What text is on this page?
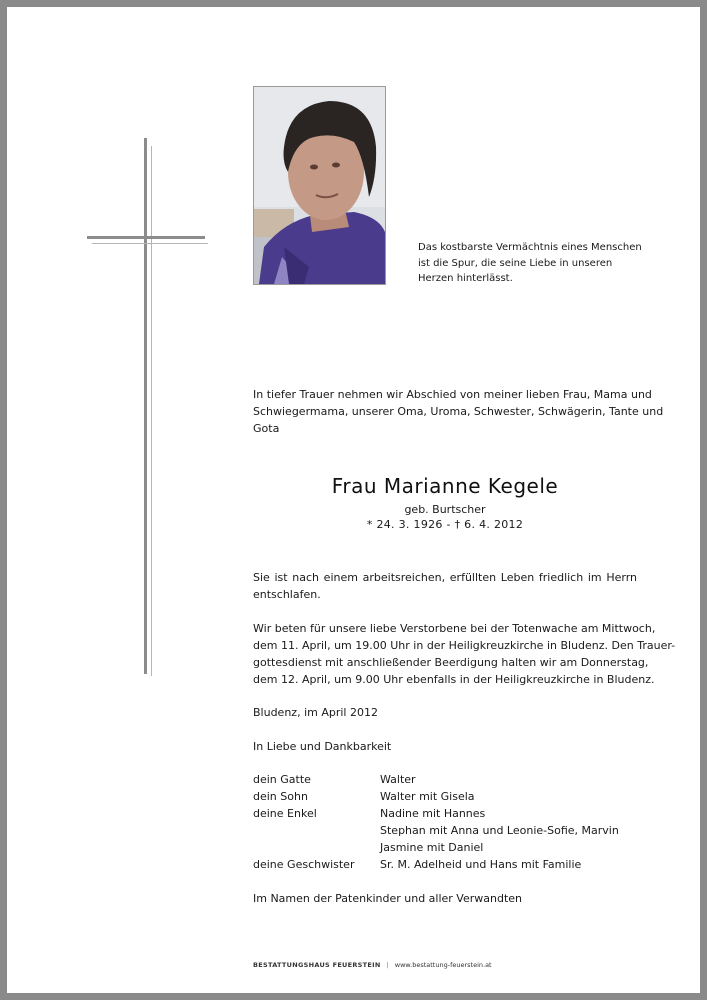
Das kostbarste Vermächtnis eines Menschen
ist die Spur, die seine Liebe in unseren
Herzen hinterlässt.
In tiefer Trauer nehmen wir Abschied von meiner lieben Frau, Mama und
Schwiegermama, unserer Oma, Uroma, Schwester, Schwägerin, Tante und
Gota
Frau Marianne Kegele
geb. Burtscher
* 24. 3. 1926 - † 6. 4. 2012
Sie ist nach einem arbeitsreichen, erfüllten Leben friedlich im Herrn
entschlafen.
Wir beten für unsere liebe Verstorbene bei der Totenwache am Mittwoch,
dem 11. April, um 19.00 Uhr in der Heiligkreuzkirche in Bludenz. Den Trauer-
gottesdienst mit anschließender Beerdigung halten wir am Donnerstag,
dem 12. April, um 9.00 Uhr ebenfalls in der Heiligkreuzkirche in Bludenz.
Bludenz, im April 2012
In Liebe und Dankbarkeit
dein Gatte	Walter
dein Sohn	Walter mit Gisela
deine Enkel	Nadine mit Hannes
Stephan mit Anna und Leonie-Sofie, Marvin
Jasmine mit Daniel
deine Geschwister	Sr. M. Adelheid und Hans mit Familie
Im Namen der Patenkinder und aller Verwandten
BESTATTUNGSHAUS FEUERSTEIN | www.bestattung-feuerstein.at
